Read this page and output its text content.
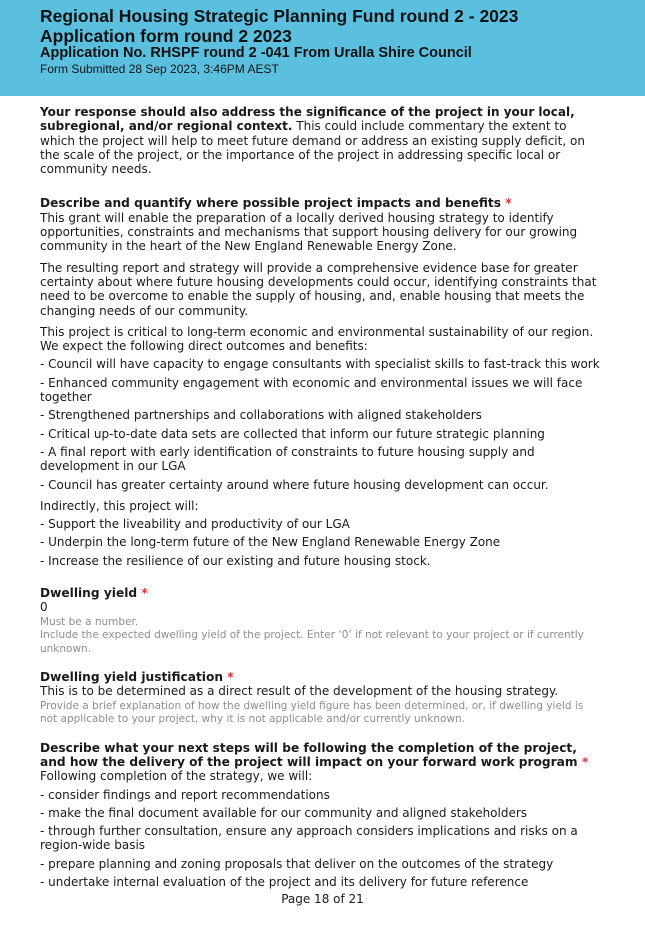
Regional Housing Strategic Planning Fund round 2 - 2023
Application form round 2 2023
Application No. RHSPF round 2 -041 From Uralla Shire Council
Form Submitted 28 Sep 2023, 3:46PM AEST

Your response should also address the significance of the project in your local, subregional, and/or regional context. This could include commentary the extent to which the project will help to meet future demand or address an existing supply deficit, on the scale of the project, or the importance of the project in addressing specific local or community needs.

Describe and quantify where possible project impacts and benefits *

This grant will enable the preparation of a locally derived housing strategy to identify opportunities, constraints and mechanisms that support housing delivery for our growing community in the heart of the New England Renewable Energy Zone.

The resulting report and strategy will provide a comprehensive evidence base for greater certainty about where future housing developments could occur, identifying constraints that need to be overcome to enable the supply of housing, and, enable housing that meets the changing needs of our community.

This project is critical to long-term economic and environmental sustainability of our region. We expect the following direct outcomes and benefits:

- Council will have capacity to engage consultants with specialist skills to fast-track this work

- Enhanced community engagement with economic and environmental issues we will face together

- Strengthened partnerships and collaborations with aligned stakeholders

- Critical up-to-date data sets are collected that inform our future strategic planning

- A final report with early identification of constraints to future housing supply and development in our LGA

- Council has greater certainty around where future housing development can occur.

Indirectly, this project will:

- Support the liveability and productivity of our LGA

- Underpin the long-term future of the New England Renewable Energy Zone

- Increase the resilience of our existing and future housing stock.

Dwelling yield *
0
Must be a number.
Include the expected dwelling yield of the project. Enter ‘0’ if not relevant to your project or if currently unknown.
Dwelling yield justification *
This is to be determined as a direct result of the development of the housing strategy.
Provide a brief explanation of how the dwelling yield figure has been determined, or, if dwelling yield is not applicable to your project, why it is not applicable and/or currently unknown.
Describe what your next steps will be following the completion of the project, and how the delivery of the project will impact on your forward work program *

Following completion of the strategy, we will:

- consider findings and report recommendations

- make the final document available for our community and aligned stakeholders

- through further consultation, ensure any approach considers implications and risks on a region-wide basis

- prepare planning and zoning proposals that deliver on the outcomes of the strategy

- undertake internal evaluation of the project and its delivery for future reference

Page 18 of 21
